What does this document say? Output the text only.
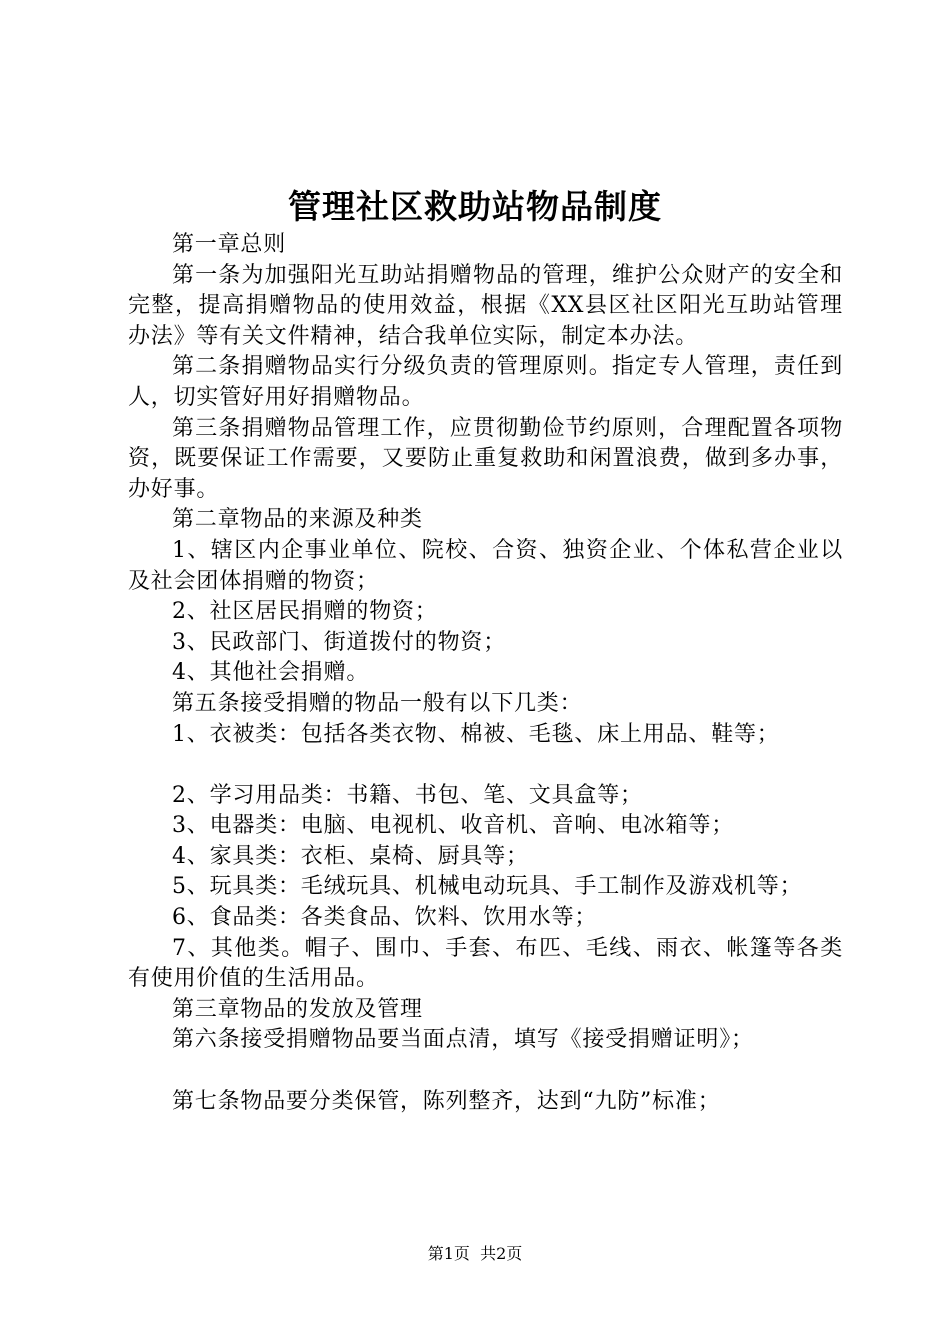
管理社区救助站物品制度

第一章总则

第一条为加强阳光互助站捐赠物品的管理，维护公众财产的安全和完整，提高捐赠物品的使用效益，根据《XX县区社区阳光互助站管理办法》等有关文件精神，结合我单位实际，制定本办法。

第二条捐赠物品实行分级负责的管理原则。指定专人管理，责任到人，切实管好用好捐赠物品。

第三条捐赠物品管理工作，应贯彻勤俭节约原则，合理配置各项物资，既要保证工作需要，又要防止重复救助和闲置浪费，做到多办事，办好事。

第二章物品的来源及种类

1、辖区内企事业单位、院校、合资、独资企业、个体私营企业以及社会团体捐赠的物资；

2、社区居民捐赠的物资；

3、民政部门、街道拨付的物资；

4、其他社会捐赠。

第五条接受捐赠的物品一般有以下几类：

1、衣被类：包括各类衣物、棉被、毛毯、床上用品、鞋等；

2、学习用品类：书籍、书包、笔、文具盒等；

3、电器类：电脑、电视机、收音机、音响、电冰箱等；

4、家具类：衣柜、桌椅、厨具等；

5、玩具类：毛绒玩具、机械电动玩具、手工制作及游戏机等；

6、食品类：各类食品、饮料、饮用水等；

7、其他类。帽子、围巾、手套、布匹、毛线、雨衣、帐篷等各类有使用价值的生活用品。

第三章物品的发放及管理

第六条接受捐赠物品要当面点清，填写《接受捐赠证明》；

第七条物品要分类保管，陈列整齐，达到“九防”标准；

第1页 共2页
